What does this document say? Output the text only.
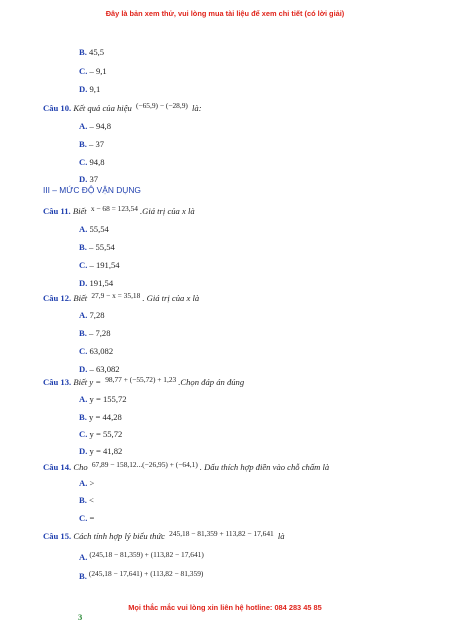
Đây là bản xem thử, vui lòng mua tài liệu để xem chi tiết (có lời giải)
B. 45,5
C. – 9,1
D. 9,1
Câu 10. Kết quả của hiệu (−65,9) − (−28,9) là:
A. – 94,8
B. – 37
C. 94,8
D. 37
III – MỨC ĐỘ VẬN DỤNG
Câu 11. Biết x − 68 = 123,54 .Giá trị của x là
A. 55,54
B. – 55,54
C. – 191,54
D. 191,54
Câu 12. Biết 27,9 − x = 35,18 . Giá trị của x là
A. 7,28
B. – 7,28
C. 63,082
D. – 63,082
Câu 13. Biết y = 98,77 + (−55,72) + 1,23 .Chọn đáp án đúng
A. y = 155,72
B. y = 44,28
C. y = 55,72
D. y = 41,82
Câu 14. Cho 67,89 − 158,12...(−26,95) + (−64,1) . Dấu thích hợp điền vào chỗ chấm là
A. >
B. <
C. =
Câu 15. Cách tính hợp lý biểu thức 245,18 − 81,359 + 113,82 − 17,641 là
A. (245,18 − 81,359) + (113,82 − 17,641)
B. (245,18 − 17,641) + (113,82 − 81,359)
Mọi thắc mắc vui lòng xin liên hệ hotline: 084 283 45 85
3
